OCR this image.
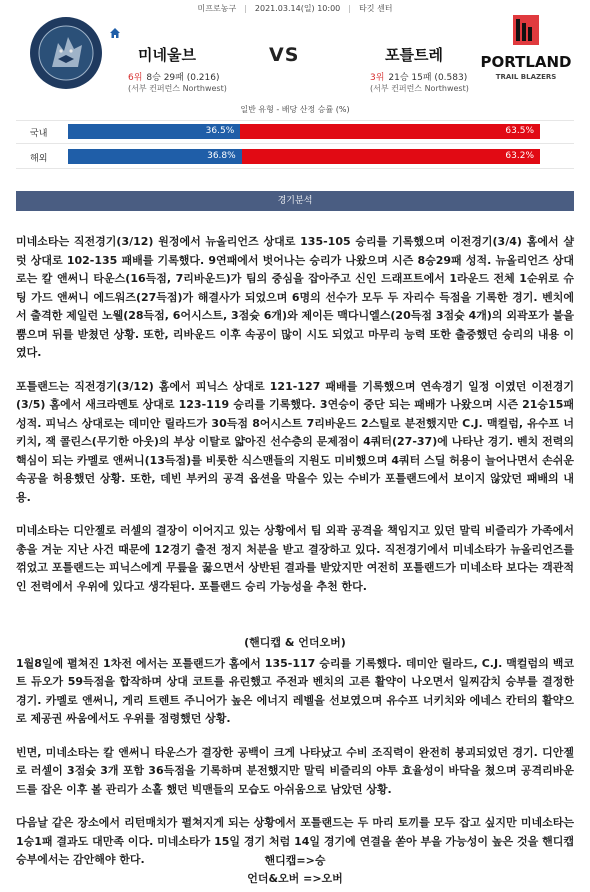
미프로농구 | 2021.03.14(일) 10:00 | 타깃 센터
미네울브
6위 8승 29패 (0.216)
(서부 컨퍼런스 Northwest)
VS	포틀트레
3위 21승 15패 (0.583)
(서부 컨퍼런스 Northwest)
PORTLAND
TRAIL BLAZERS
일반 유형 - 배당 산정 승률 (%)
국내	36.5%	63.5%
해외	36.8%	63.2%
경기분석

미네소타는 직전경기(3/12) 원정에서 뉴올리언즈 상대로 135-105 승리를 기록했으며 이전경기(3/4) 홈에서 샬럿 상대로 102-135 패배를 기록했다. 9연패에서 벗어나는 승리가 나왔으며 시즌 8승29패 성적. 뉴올리언즈 상대로는 칼 앤써니 타운스(16득점, 7리바운드)가 팀의 중심을 잡아주고 신인 드래프트에서 1라운드 전체 1순위로 슈팅 가드 앤써니 에드워즈(27득점)가 해결사가 되었으며 6명의 선수가 모두 두 자리수 득점을 기록한 경기. 벤치에서 출격한 제일런 노웰(28득점, 6어시스트, 3점슛 6개)와 제이든 맥다니엘스(20득점 3점슛 4개)의 외곽포가 불을 뿜으며 뒤를 받쳤던 상황. 또한, 리바운드 이후 속공이 많이 시도 되었고 마무리 능력 또한 출중했던 승리의 내용 이였다.

포틀랜드는 직전경기(3/12) 홈에서 피닉스 상대로 121-127 패배를 기록했으며 연속경기 일정 이였던 이전경기(3/5) 홈에서 새크라멘토 상대로 123-119 승리를 기록했다. 3연승이 중단 되는 패배가 나왔으며 시즌 21승15패 성적. 피닉스 상대로는 데미안 릴라드가 30득점 8어시스트 7리바운드 2스틸로 분전했지만 C.J. 맥컬럼, 유수프 너키치, 잭 콜린스(무기한 아웃)의 부상 이탈로 얇아진 선수층의 문제점이 4쿼터(27-37)에 나타난 경기. 벤치 전력의 핵심이 되는 카멜로 앤써니(13득점)를 비롯한 식스맨들의 지원도 미비했으며 4쿼터 스딜 허용이 늘어나면서 손쉬운 속공을 허용했던 상황. 또한, 데빈 부커의 공격 옵션을 막을수 있는 수비가 포틀랜드에서 보이지 않았던 패배의 내용.

미네소타는 디안젤로 러셀의 결장이 이어지고 있는 상황에서 팀 외곽 공격을 책임지고 있던 말릭 비즐리가 가족에서 총을 겨눈 지난 사건 때문에 12경기 출전 정지 처분을 받고 결장하고 있다. 직전경기에서 미네소타가 뉴올리언즈를 꺾었고 포틀랜드는 피닉스에게 무릎을 꿇으면서 상반된 결과를 받았지만 여전히 포틀랜드가 미네소타 보다는 객관적인 전력에서 우위에 있다고 생각된다. 포틀랜드 승리 가능성을 추천 한다.

(핸디캡 & 언더오버)

1월8일에 펼쳐진 1차전 에서는 포틀랜드가 홈에서 135-117 승리를 기록했다. 데미안 릴라드, C.J. 맥컬럼의 백코트 듀오가 59득점을 합작하며 상대 코트를 유린했고 주전과 벤치의 고른 활약이 나오면서 일찌감치 승부를 결정한 경기. 카멜로 앤써니, 게리 트렌트 주니어가 높은 에너지 레벨을 선보였으며 유수프 너키치와 에네스 칸터의 활약으로 제공권 싸움에서도 우위를 점령했던 상황.

빈면, 미네소타는 칼 앤써니 타운스가 결장한 공백이 크게 나타났고 수비 조직력이 완전히 붕괴되었던 경기. 디안젤로 러셀이 3점슛 3개 포함 36득점을 기록하며 분전했지만 말릭 비즐리의 야투 효율성이 바닥을 쳤으며 공격리바운드를 잡은 이후 볼 관리가 소홀 했던 빅맨들의 모습도 아쉬움으로 남았던 상황.

다음날 같은 장소에서 리턴매치가 펼쳐지게 되는 상황에서 포틀랜드는 두 마리 토끼를 모두 잡고 싶지만 미네소타는 1승1패 결과도 대만족 이다. 미네소타가 15일 경기 처럼 14일 경기에 연결을 쏟아 부을 가능성이 높은 것을 핸디캡 승부에서는 감안해야 한다.	핸디캡=>승
언더&오버 =>오버
